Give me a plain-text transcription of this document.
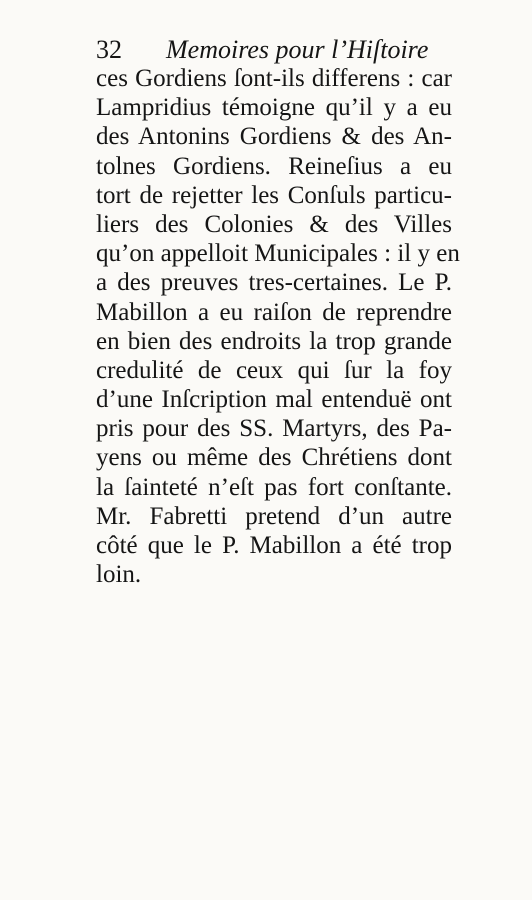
32 Memoires pour l’Hiſtoire
ces Gordiens ſont-ils differens : car
Lampridius témoigne qu’il y a eu
des Antonins Gordiens & des An-
tolnes Gordiens. Reineſius a eu
tort de rejetter les Conſuls particu-
liers des Colonies & des Villes
qu’on appelloit Municipales : il y en
a des preuves tres-certaines. Le P.
Mabillon a eu raiſon de reprendre
en bien des endroits la trop grande
credulité de ceux qui ſur la foy
d’une Inſcription mal entenduë ont
pris pour des SS. Martyrs, des Pa-
yens ou même des Chrétiens dont
la ſainteté n’eſt pas fort conſtante.
Mr. Fabretti pretend d’un autre
côté que le P. Mabillon a été trop
loin.
